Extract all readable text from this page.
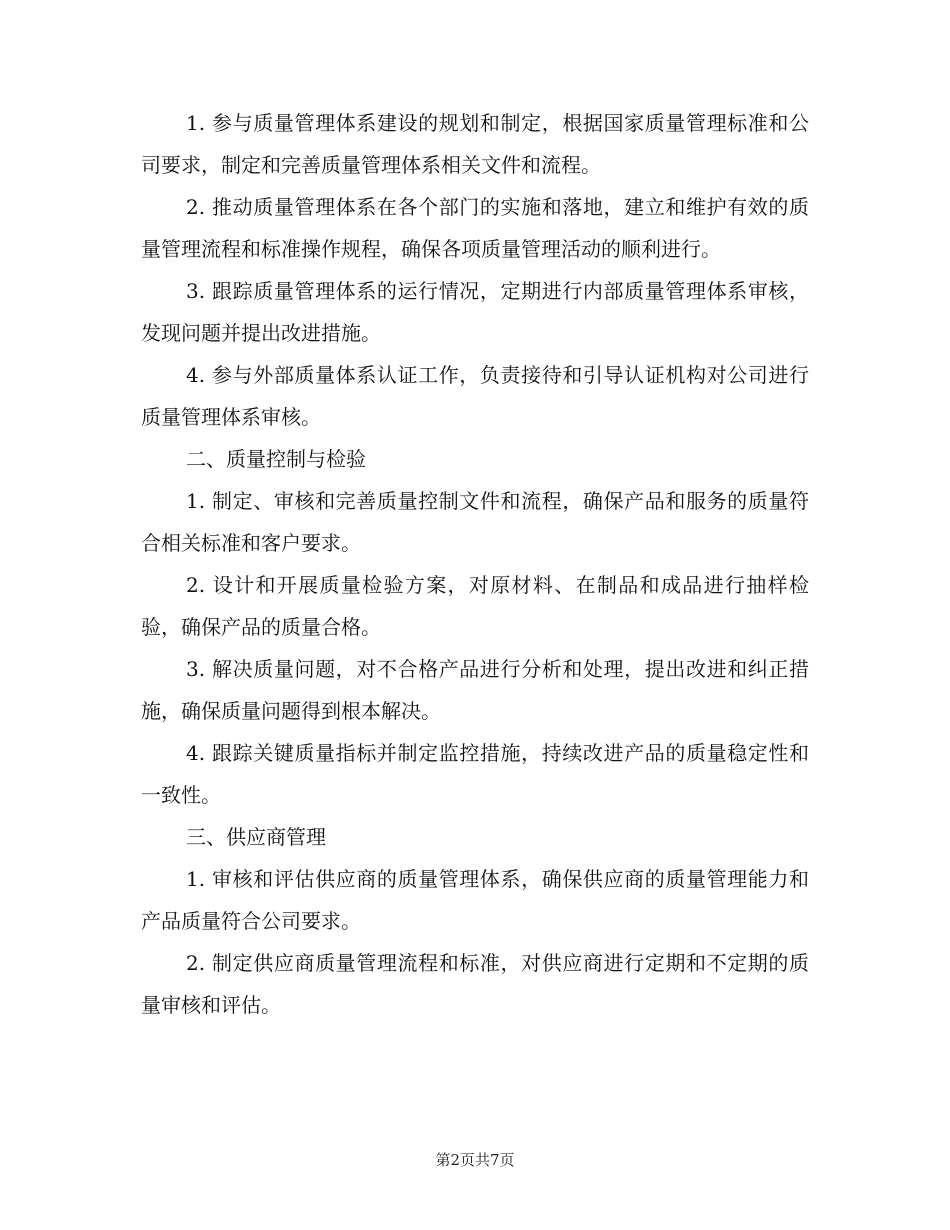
1. 参与质量管理体系建设的规划和制定，根据国家质量管理标准和公司要求，制定和完善质量管理体系相关文件和流程。

2. 推动质量管理体系在各个部门的实施和落地，建立和维护有效的质量管理流程和标准操作规程，确保各项质量管理活动的顺利进行。

3. 跟踪质量管理体系的运行情况，定期进行内部质量管理体系审核，发现问题并提出改进措施。

4. 参与外部质量体系认证工作，负责接待和引导认证机构对公司进行质量管理体系审核。

二、质量控制与检验

1. 制定、审核和完善质量控制文件和流程，确保产品和服务的质量符合相关标准和客户要求。

2. 设计和开展质量检验方案，对原材料、在制品和成品进行抽样检验，确保产品的质量合格。

3. 解决质量问题，对不合格产品进行分析和处理，提出改进和纠正措施，确保质量问题得到根本解决。

4. 跟踪关键质量指标并制定监控措施，持续改进产品的质量稳定性和一致性。

三、供应商管理

1. 审核和评估供应商的质量管理体系，确保供应商的质量管理能力和产品质量符合公司要求。

2. 制定供应商质量管理流程和标准，对供应商进行定期和不定期的质量审核和评估。

第2页共7页
